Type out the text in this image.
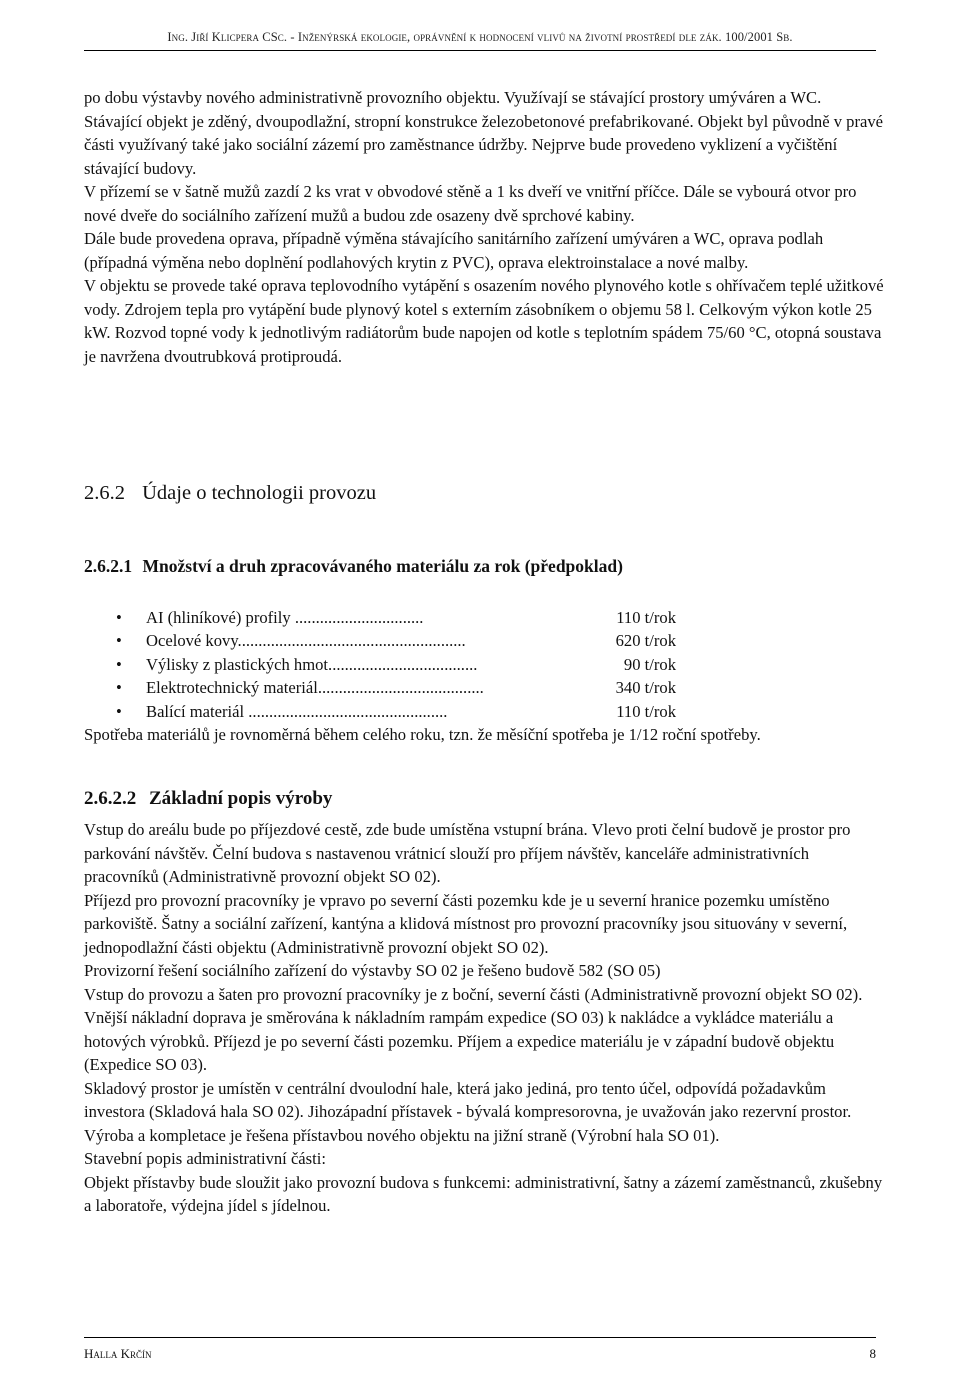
Ing. Jiří Klicpera CSc. - Inženýrská ekologie, oprávnění k hodnocení vlivů na životní prostředí dle zák. 100/2001 Sb.

po dobu výstavby nového administrativně provozního objektu. Využívají se stávající prostory umýváren a WC.

Stávající objekt je zděný, dvoupodlažní, stropní konstrukce železobetonové prefabrikované. Objekt byl původně v pravé části využívaný také jako sociální zázemí pro zaměstnance údržby. Nejprve bude provedeno vyklizení a vyčištění stávající budovy.

V přízemí se v šatně mužů zazdí 2 ks vrat v obvodové stěně a 1 ks dveří ve vnitřní příčce. Dále se vybourá otvor pro nové dveře do sociálního zařízení mužů a budou zde osazeny dvě sprchové kabiny.

Dále bude provedena oprava, případně výměna stávajícího sanitárního zařízení umýváren a WC, oprava podlah (případná výměna nebo doplnění podlahových krytin z PVC), oprava elektroinstalace a nové malby.

V objektu se provede také oprava teplovodního vytápění s osazením nového plynového kotle s ohřívačem teplé užitkové vody. Zdrojem tepla pro vytápění bude plynový kotel s externím zásobníkem o objemu 58 l. Celkovým výkon kotle 25 kW. Rozvod topné vody k jednotlivým radiátorům bude napojen od kotle s teplotním spádem 75/60 °C, otopná soustava je navržena dvoutrubková protiproudá.

2.6.2 Údaje o technologii provozu
2.6.2.1 Množství a druh zpracovávaného materiálu za rok (předpoklad)
• AI (hliníkové) profily ...............................	110 t/rok
• Ocelové kovy.......................................................	620 t/rok
• Výlisky z plastických hmot....................................	90 t/rok
• Elektrotechnický materiál........................................	340 t/rok
• Balící materiál ................................................	110 t/rok

Spotřeba materiálů je rovnoměrná během celého roku, tzn. že měsíční spotřeba je 1/12 roční spotřeby.

2.6.2.2 Základní popis výroby

Vstup do areálu bude po příjezdové cestě, zde bude umístěna vstupní brána. Vlevo proti čelní budově je prostor pro parkování návštěv. Čelní budova s nastavenou vrátnicí slouží pro příjem návštěv, kanceláře administrativních pracovníků (Administrativně provozní objekt SO 02).

Příjezd pro provozní pracovníky je vpravo po severní části pozemku kde je u severní hranice pozemku umístěno parkoviště. Šatny a sociální zařízení, kantýna a klidová místnost pro provozní pracovníky jsou situovány v severní, jednopodlažní části objektu (Administrativně provozní objekt SO 02).

Provizorní řešení sociálního zařízení do výstavby SO 02 je řešeno budově 582 (SO 05)

Vstup do provozu a šaten pro provozní pracovníky je z boční, severní části (Administrativně provozní objekt SO 02).

Vnější nákladní doprava je směrována k nákladním rampám expedice (SO 03) k nakládce a vykládce materiálu a hotových výrobků. Příjezd je po severní části pozemku. Příjem a expedice materiálu je v západní budově objektu (Expedice SO 03).

Skladový prostor je umístěn v centrální dvoulodní hale, která jako jediná, pro tento účel, odpovídá požadavkům investora (Skladová hala SO 02). Jihozápadní přístavek - bývalá kompresorovna, je uvažován jako rezervní prostor.

Výroba a kompletace je řešena přístavbou nového objektu na jižní straně (Výrobní hala SO 01).

Stavební popis administrativní části:

Objekt přístavby bude sloužit jako provozní budova s funkcemi: administrativní, šatny a zázemí zaměstnanců, zkušebny a laboratoře, výdejna jídel s jídelnou.

Halla Krčín	8
